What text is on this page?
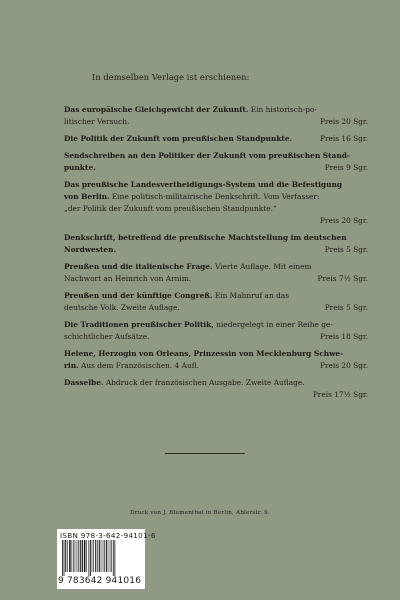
In demselben Verlage ist erschienen:
Das europäische Gleichgewicht der Zukunft. Ein historisch-po-
litischer Versuch.	Preis 20 Sgr.
Die Politik der Zukunft vom preußischen Standpunkte.	Preis 16 Sgr.
Sendschreiben an den Politiker der Zukunft vom preußischen Stand-
punkte.	Preis 9 Sgr.
Das preußische Landesvertheidigungs-System und die Befestigung
von Berlin. Eine politisch-militairische Denkschrift. Vom Verfasser:
„der Politik der Zukunft vom preußischen Standpunkte.“
Preis 20 Sgr.
Denkschrift, betreffend die preußische Machtstellung im deutschen
Nordwesten.	Preis 5 Sgr.
Preußen und die italienische Frage. Vierte Auflage. Mit einem
Nachwort an Heinrich von Arnim.	Preis 7½ Sgr.
Preußen und der künftige Congreß. Ein Mahnruf an das
deutsche Volk. Zweite Auflage.	Preis 5 Sgr.
Die Traditionen preußischer Politik, niedergelegt in einer Reihe ge-
schichtlicher Aufsätze.	Preis 18 Sgr.
Helene, Herzogin von Orleans, Prinzessin von Mecklenburg Schwe-
rin. Aus dem Französischen. 4 Aufl.	Preis 20 Sgr.
Dasselbe. Abdruck der französischen Ausgabe. Zweite Auflage.
Preis 17½ Sgr.
Druck von J. Blumenthal in Berlin, Ablerstr. 9.
ISBN 978-3-642-94101-6
9 783642 941016
